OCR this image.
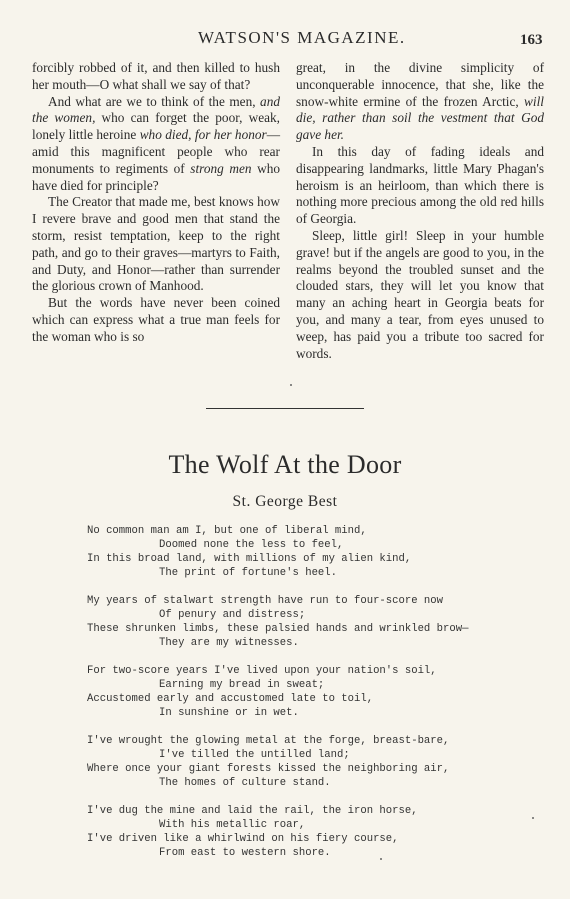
WATSON'S MAGAZINE.	163

forcibly robbed of it, and then killed to hush her mouth—O what shall we say of that?

And what are we to think of the men, and the women, who can forget the poor, weak, lonely little heroine who died, for her honor—amid this magnificent people who rear monuments to regiments of strong men who have died for principle?

The Creator that made me, best knows how I revere brave and good men that stand the storm, resist temptation, keep to the right path, and go to their graves—martyrs to Faith, and Duty, and Honor—rather than surrender the glorious crown of Manhood.

But the words have never been coined which can express what a true man feels for the woman who is so

great, in the divine simplicity of unconquerable innocence, that she, like the snow-white ermine of the frozen Arctic, will die, rather than soil the vestment that God gave her.

In this day of fading ideals and disappearing landmarks, little Mary Phagan's heroism is an heirloom, than which there is nothing more precious among the old red hills of Georgia.

Sleep, little girl! Sleep in your humble grave! but if the angels are good to you, in the realms beyond the troubled sunset and the clouded stars, they will let you know that many an aching heart in Georgia beats for you, and many a tear, from eyes unused to weep, has paid you a tribute too sacred for words.

The Wolf At the Door
St. George Best
No common man am I, but one of liberal mind,
Doomed none the less to feel,
In this broad land, with millions of my alien kind,
The print of fortune's heel.
My years of stalwart strength have run to four-score now
Of penury and distress;
These shrunken limbs, these palsied hands and wrinkled brow—
They are my witnesses.
For two-score years I've lived upon your nation's soil,
Earning my bread in sweat;
Accustomed early and accustomed late to toil,
In sunshine or in wet.
I've wrought the glowing metal at the forge, breast-bare,
I've tilled the untilled land;
Where once your giant forests kissed the neighboring air,
The homes of culture stand.
I've dug the mine and laid the rail, the iron horse,
With his metallic roar,
I've driven like a whirlwind on his fiery course,
From east to western shore.
